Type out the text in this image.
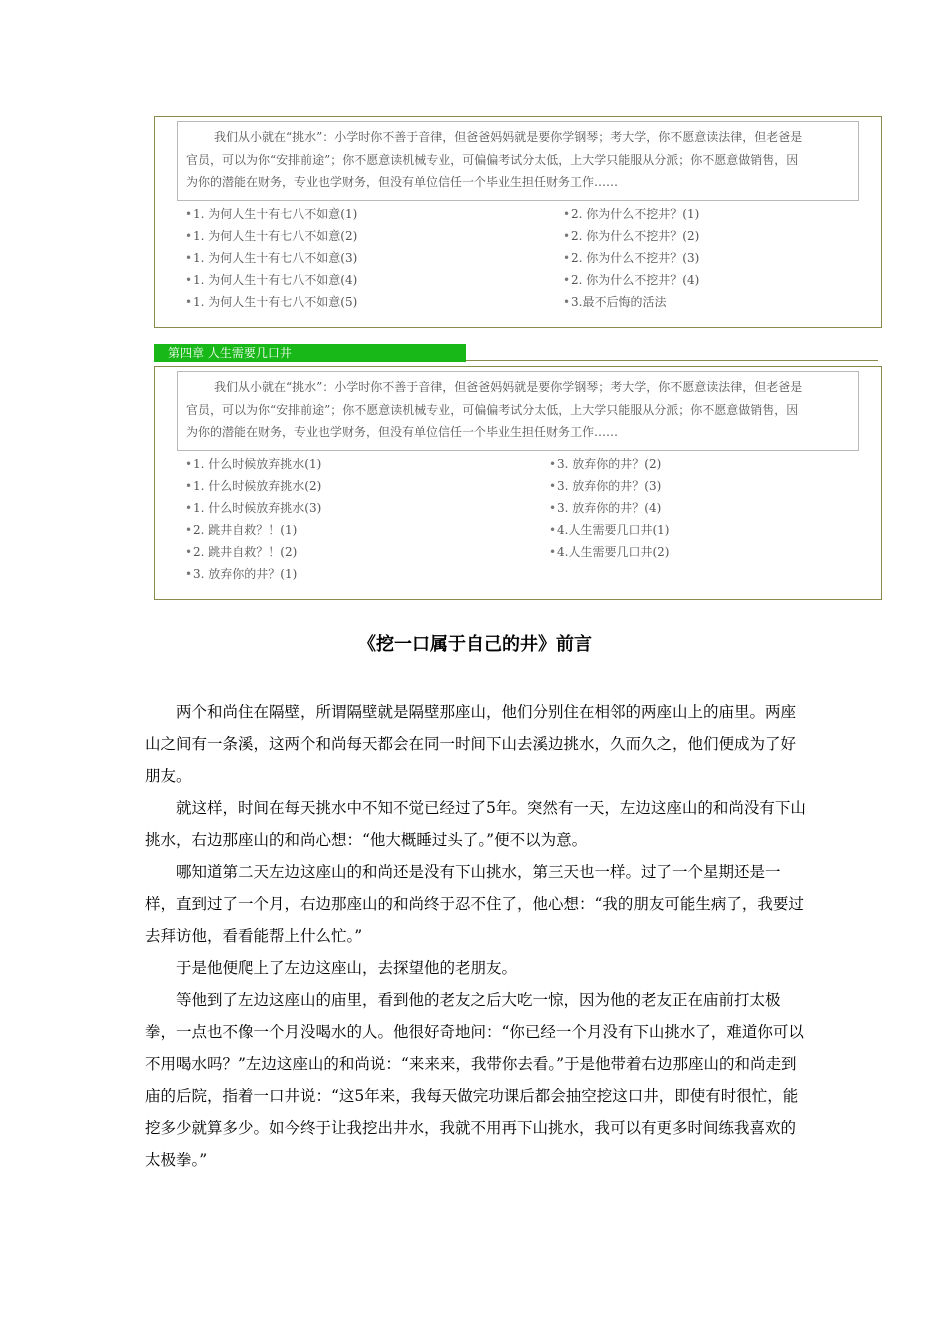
我们从小就在“挑水”：小学时你不善于音律，但爸爸妈妈就是要你学钢琴；考大学，你不愿意读法律，但老爸是
官员，可以为你“安排前途”；你不愿意读机械专业，可偏偏考试分太低，上大学只能服从分派；你不愿意做销售，因
为你的潜能在财务，专业也学财务，但没有单位信任一个毕业生担任财务工作……
•1. 为何人生十有七八不如意(1)
•1. 为何人生十有七八不如意(2)
•1. 为何人生十有七八不如意(3)
•1. 为何人生十有七八不如意(4)
•1. 为何人生十有七八不如意(5)
•2. 你为什么不挖井？(1)
•2. 你为什么不挖井？(2)
•2. 你为什么不挖井？(3)
•2. 你为什么不挖井？(4)
•3.最不后悔的活法
第四章 人生需要几口井
我们从小就在“挑水”：小学时你不善于音律，但爸爸妈妈就是要你学钢琴；考大学，你不愿意读法律，但老爸是
官员，可以为你“安排前途”；你不愿意读机械专业，可偏偏考试分太低，上大学只能服从分派；你不愿意做销售，因
为你的潜能在财务，专业也学财务，但没有单位信任一个毕业生担任财务工作……
•1. 什么时候放弃挑水(1)
•1. 什么时候放弃挑水(2)
•1. 什么时候放弃挑水(3)
•2. 跳井自救？！(1)
•2. 跳井自救？！(2)
•3. 放弃你的井？(1)
•3. 放弃你的井？(2)
•3. 放弃你的井？(3)
•3. 放弃你的井？(4)
•4.人生需要几口井(1)
•4.人生需要几口井(2)
《挖一口属于自己的井》前言

两个和尚住在隔壁，所谓隔壁就是隔壁那座山，他们分别住在相邻的两座山上的庙里。两座山之间有一条溪，这两个和尚每天都会在同一时间下山去溪边挑水，久而久之，他们便成为了好朋友。

就这样，时间在每天挑水中不知不觉已经过了5年。突然有一天，左边这座山的和尚没有下山挑水，右边那座山的和尚心想：“他大概睡过头了。”便不以为意。

哪知道第二天左边这座山的和尚还是没有下山挑水，第三天也一样。过了一个星期还是一样，直到过了一个月，右边那座山的和尚终于忍不住了，他心想：“我的朋友可能生病了，我要过去拜访他，看看能帮上什么忙。”

于是他便爬上了左边这座山，去探望他的老朋友。

等他到了左边这座山的庙里，看到他的老友之后大吃一惊，因为他的老友正在庙前打太极拳，一点也不像一个月没喝水的人。他很好奇地问：“你已经一个月没有下山挑水了，难道你可以不用喝水吗？”左边这座山的和尚说：“来来来，我带你去看。”于是他带着右边那座山的和尚走到庙的后院，指着一口井说：“这5年来，我每天做完功课后都会抽空挖这口井，即使有时很忙，能挖多少就算多少。如今终于让我挖出井水，我就不用再下山挑水，我可以有更多时间练我喜欢的太极拳。”
